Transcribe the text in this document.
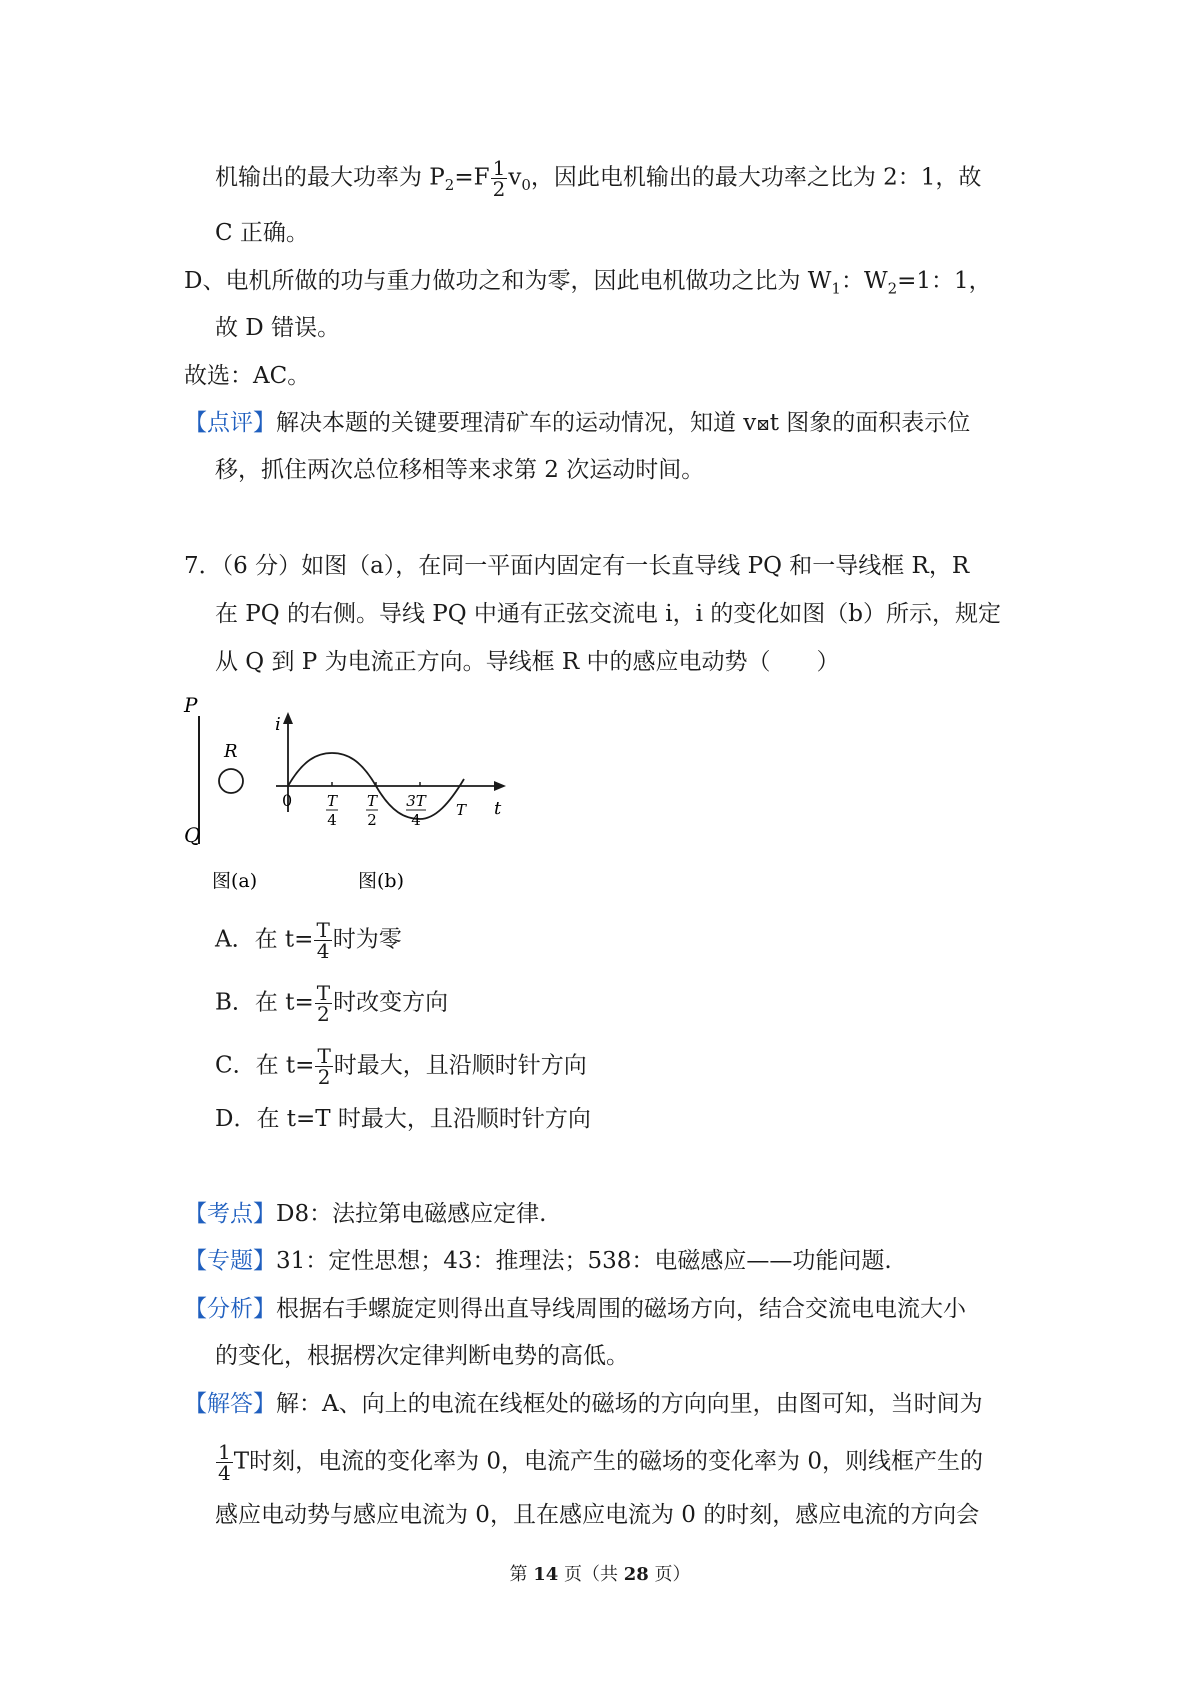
机输出的最大功率为 $P_2=F \frac{1}{2} v_0$，因此电机输出的最大功率之比为 2：1，故
C 正确。
D、电机所做的功与重力做功之和为零，因此电机做功之比为 $W_1$：$W_2=1$：1，
故 D 错误。
故选：AC。
【点评】解决本题的关键要理清矿车的运动情况，知道 v⊠t 图象的面积表示位
移，抓住两次总位移相等来求第 2 次运动时间。
7．（6 分）如图（a），在同一平面内固定有一长直导线 PQ 和一导线框 R，R
在 PQ 的右侧。导线 PQ 中通有正弦交流电 i，i 的变化如图（b）所示，规定
从 Q 到 P 为电流正方向。导线框 R 中的感应电动势（　　）
P
Q
R
i
t
0 T
4
T
2
3T
4
T
图(a)	图(b)
A．在 $t= \frac{T}{4}$ 时为零
B．在 $t= \frac{T}{2}$ 时改变方向
C．在 $t= \frac{T}{2}$ 时最大，且沿顺时针方向
D．在 t=T 时最大，且沿顺时针方向
【考点】D8：法拉第电磁感应定律.
【专题】31：定性思想；43：推理法；538：电磁感应——功能问题.
【分析】根据右手螺旋定则得出直导线周围的磁场方向，结合交流电电流大小
的变化，根据楞次定律判断电势的高低。
【解答】解：A、向上的电流在线框处的磁场的方向向里，由图可知，当时间为
$\frac{1}{4}$ T时刻，电流的变化率为 0，电流产生的磁场的变化率为 0，则线框产生的
感应电动势与感应电流为 0，且在感应电流为 0 的时刻，感应电流的方向会
第 14 页（共 28 页）
